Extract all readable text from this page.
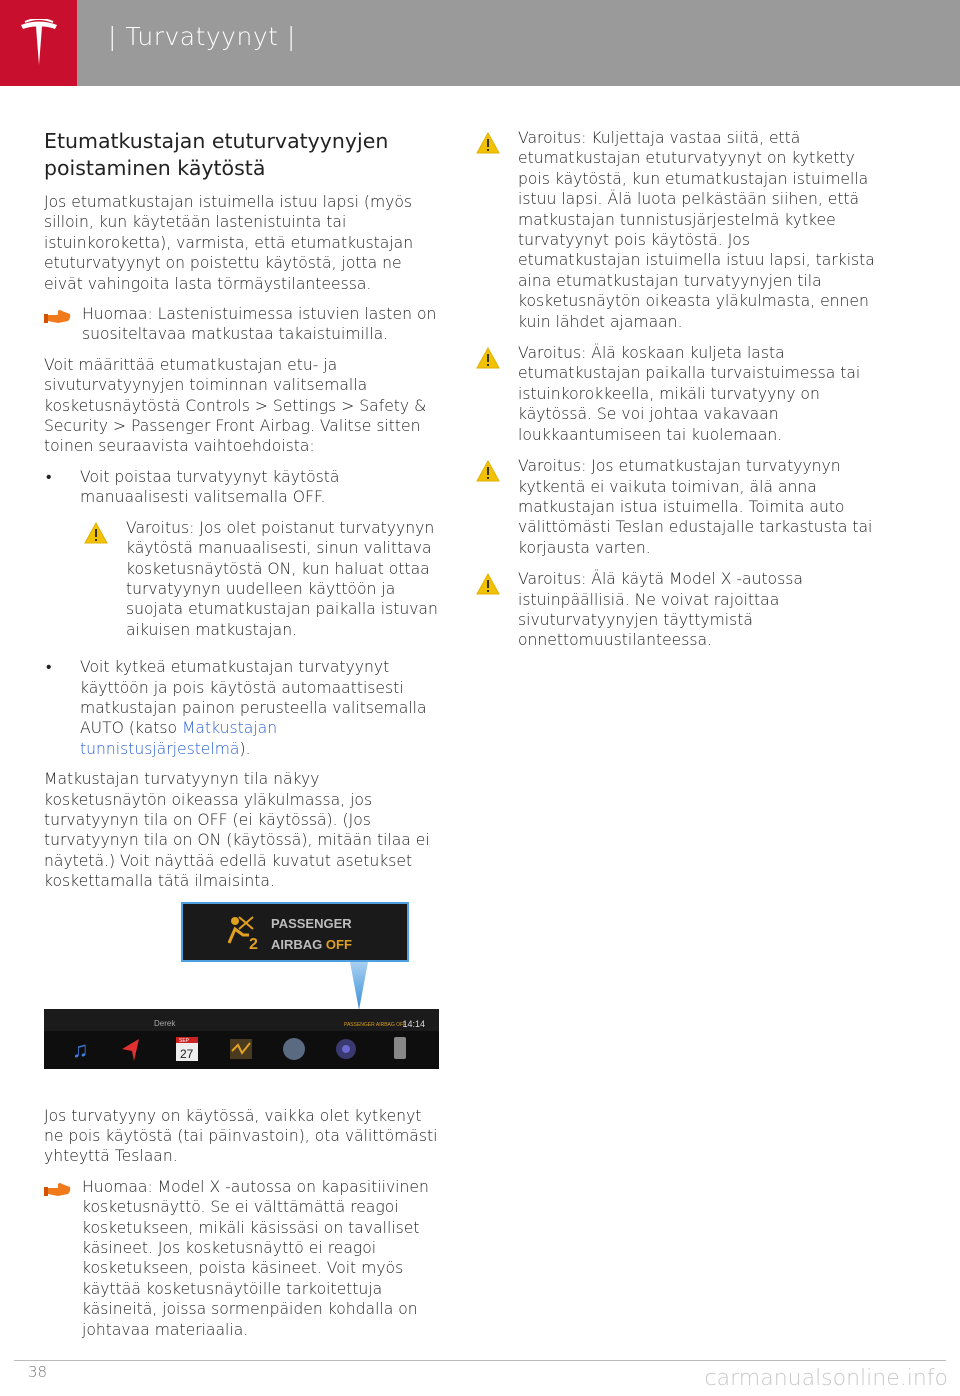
| Turvatyynyt |
Etumatkustajan etuturvatyynyjen poistaminen käytöstä

Jos etumatkustajan istuimella istuu lapsi (myös silloin, kun käytetään lastenistuinta tai istuinkoroketta), varmista, että etumatkustajan etuturvatyynyt on poistettu käytöstä, jotta ne eivät vahingoita lasta törmäystilanteessa.

Huomaa: Lastenistuimessa istuvien lasten on suositeltavaa matkustaa takaistuimilla.

Voit määrittää etumatkustajan etu- ja sivuturvatyynyjen toiminnan valitsemalla kosketusnäytöstä Controls > Settings > Safety & Security > Passenger Front Airbag. Valitse sitten toinen seuraavista vaihtoehdoista:

•	Voit poistaa turvatyynyt käytöstä manuaalisesti valitsemalla OFF.
Varoitus: Jos olet poistanut turvatyynyn käytöstä manuaalisesti, sinun valittava kosketusnäytöstä ON, kun haluat ottaa turvatyynyn uudelleen käyttöön ja suojata etumatkustajan paikalla istuvan aikuisen matkustajan.
•	Voit kytkeä etumatkustajan turvatyynyt käyttöön ja pois käytöstä automaattisesti matkustajan painon perusteella valitsemalla AUTO (katso Matkustajan tunnistusjärjestelmä).

Matkustajan turvatyynyn tila näkyy kosketusnäytön oikeassa yläkulmassa, jos turvatyynyn tila on OFF (ei käytössä). (Jos turvatyynyn tila on ON (käytössä), mitään tilaa ei näytetä.) Voit näyttää edellä kuvatut asetukset koskettamalla tätä ilmaisinta.

2
PASSENGER
AIRBAG OFF
Derek	PASSENGER AIRBAG OFF
14:14
♫	SEP
27

Jos turvatyyny on käytössä, vaikka olet kytkenyt ne pois käytöstä (tai päinvastoin), ota välittömästi yhteyttä Teslaan.

Huomaa: Model X -autossa on kapasitiivinen kosketusnäyttö. Se ei välttämättä reagoi kosketukseen, mikäli käsissäsi on tavalliset käsineet. Jos kosketusnäyttö ei reagoi kosketukseen, poista käsineet. Voit myös käyttää kosketusnäytöille tarkoitettuja käsineitä, joissa sormenpäiden kohdalla on johtavaa materiaalia.
Varoitus: Kuljettaja vastaa siitä, että etumatkustajan etuturvatyynyt on kytketty pois käytöstä, kun etumatkustajan istuimella istuu lapsi. Älä luota pelkästään siihen, että matkustajan tunnistusjärjestelmä kytkee turvatyynyt pois käytöstä. Jos etumatkustajan istuimella istuu lapsi, tarkista aina etumatkustajan turvatyynyjen tila kosketusnäytön oikeasta yläkulmasta, ennen kuin lähdet ajamaan.
Varoitus: Älä koskaan kuljeta lasta etumatkustajan paikalla turvaistuimessa tai istuinkorokkeella, mikäli turvatyyny on käytössä. Se voi johtaa vakavaan loukkaantumiseen tai kuolemaan.
Varoitus: Jos etumatkustajan turvatyynyn kytkentä ei vaikuta toimivan, älä anna matkustajan istua istuimella. Toimita auto välittömästi Teslan edustajalle tarkastusta tai korjausta varten.
Varoitus: Älä käytä Model X -autossa istuinpäällisiä. Ne voivat rajoittaa sivuturvatyynyjen täyttymistä onnettomuustilanteessa.
38	carmanualsonline.info
